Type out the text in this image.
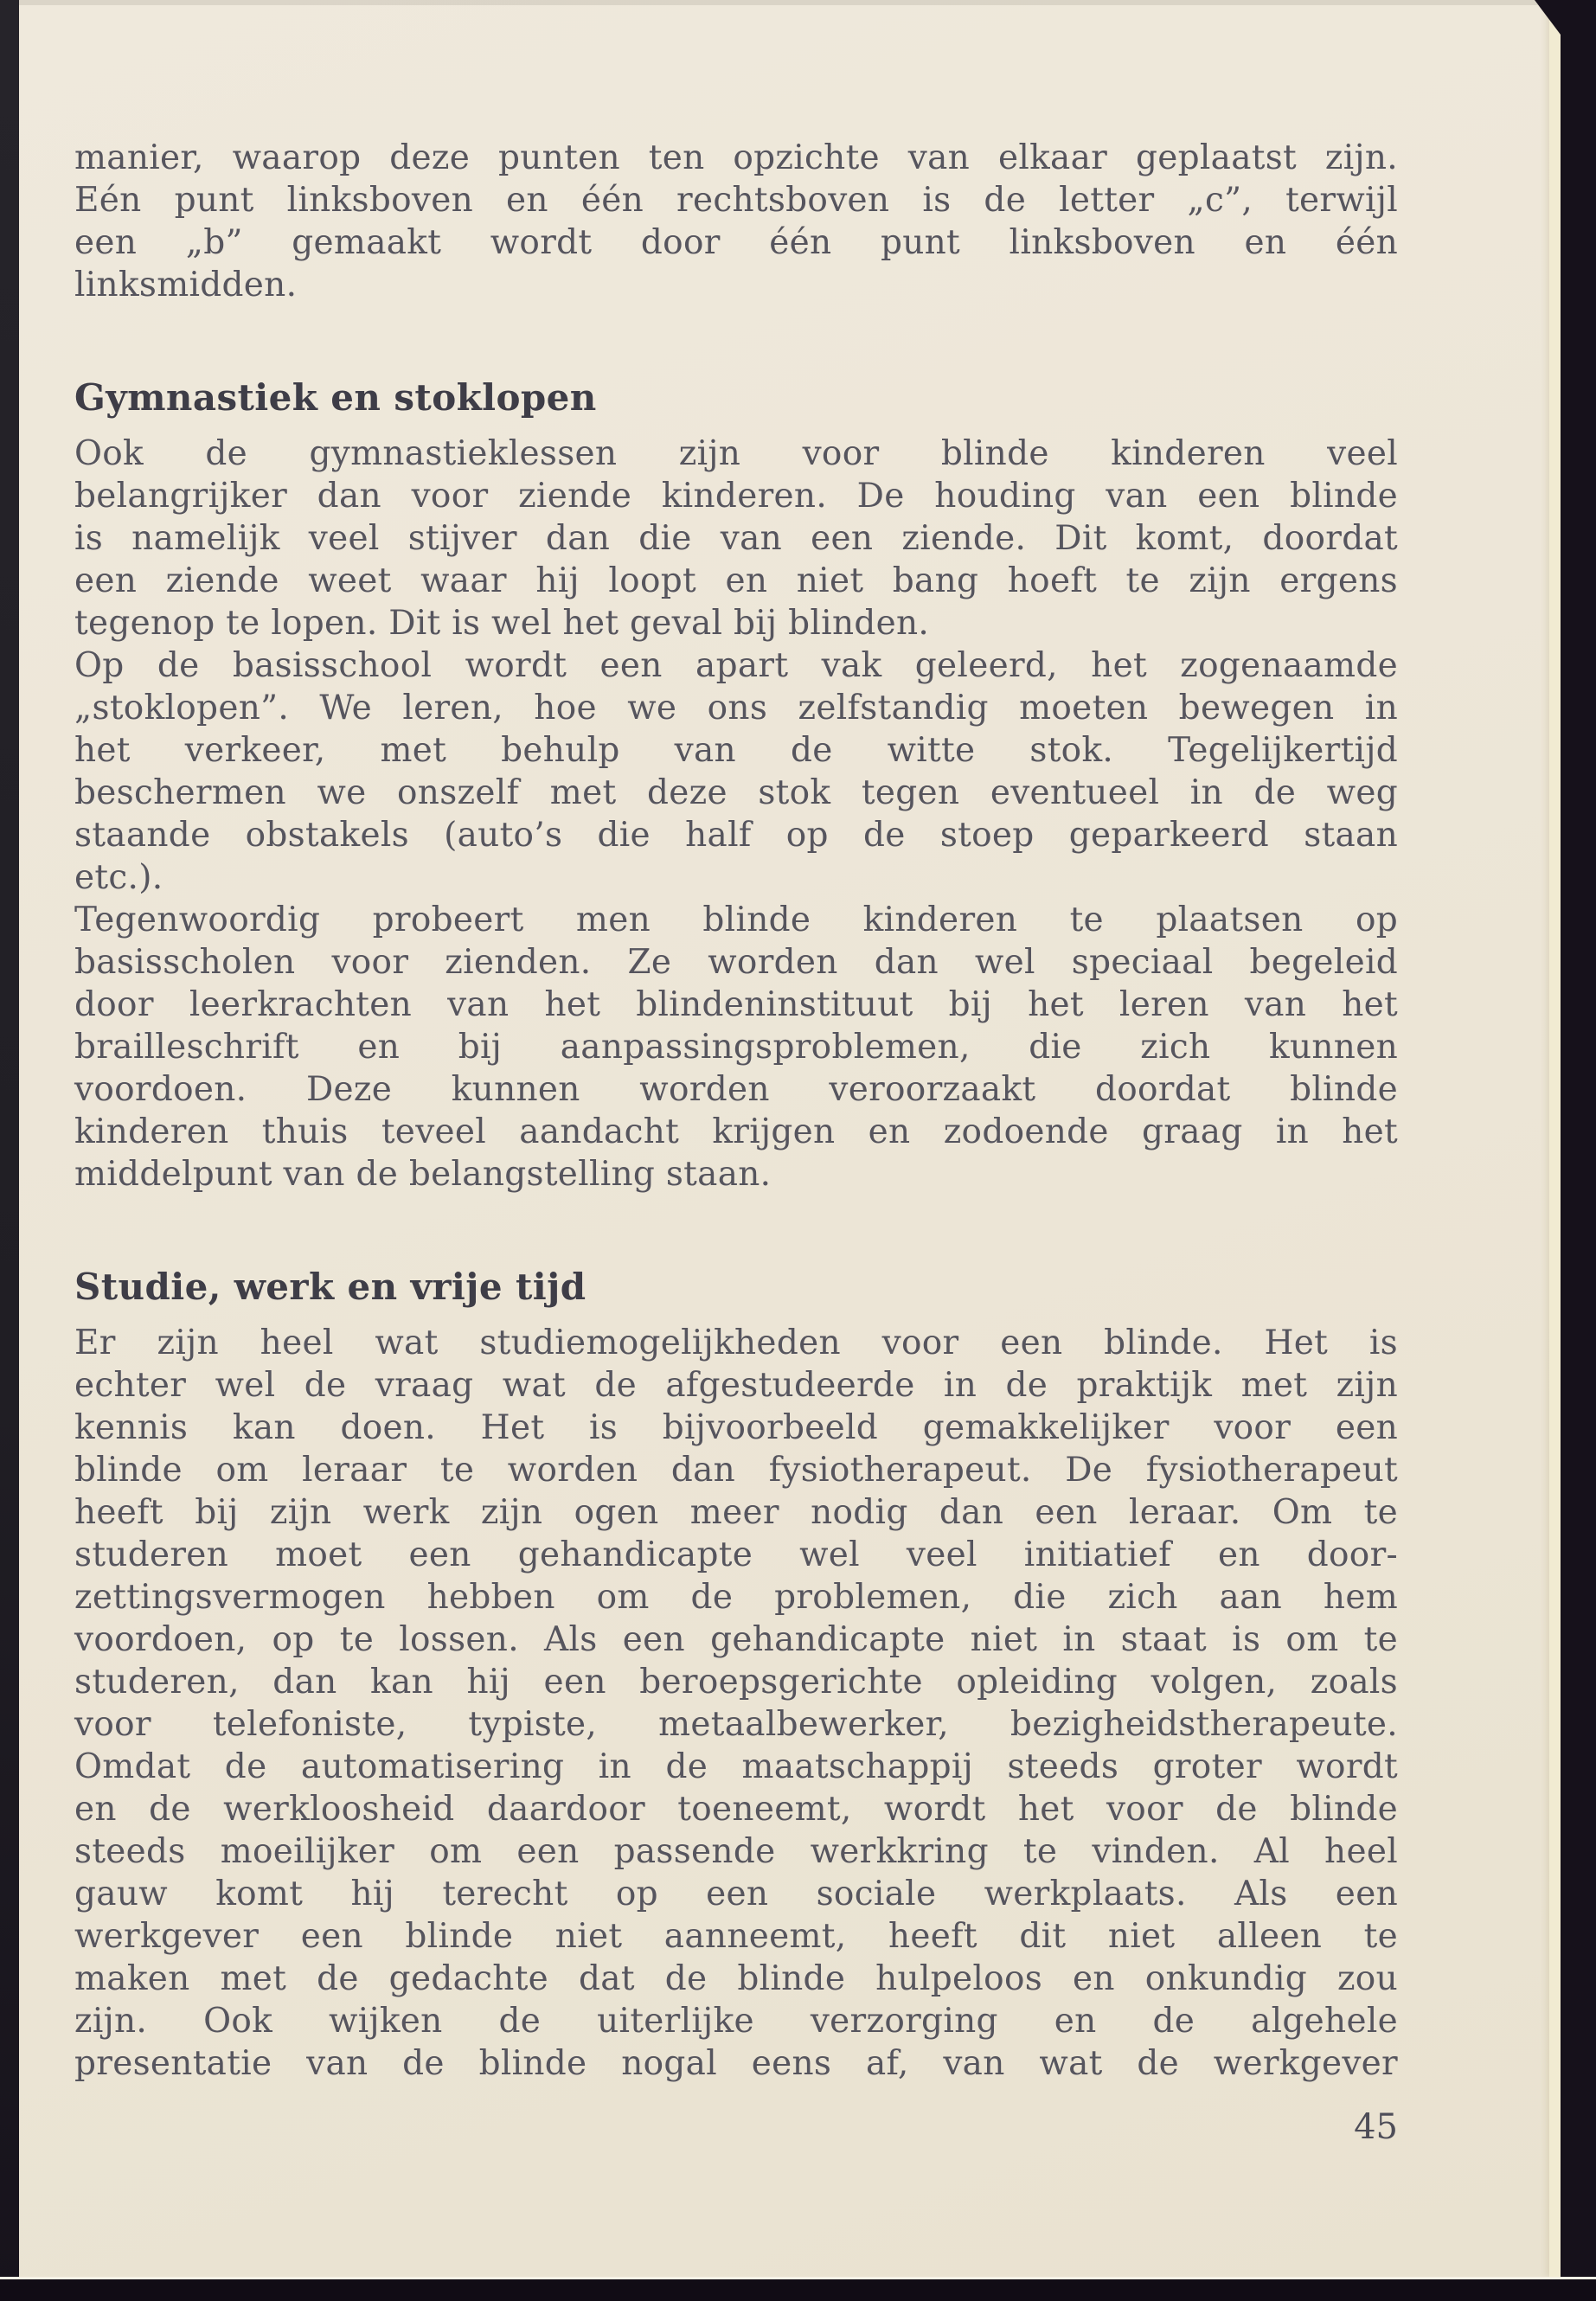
manier, waarop deze punten ten opzichte van elkaar geplaatst zijn.
Eén punt linksboven en één rechtsboven is de letter „c”, terwijl
een „b” gemaakt wordt door één punt linksboven en één
linksmidden.
Gymnastiek en stoklopen
Ook de gymnastieklessen zijn voor blinde kinderen veel
belangrijker dan voor ziende kinderen. De houding van een blinde
is namelijk veel stijver dan die van een ziende. Dit komt, doordat
een ziende weet waar hij loopt en niet bang hoeft te zijn ergens
tegenop te lopen. Dit is wel het geval bij blinden.
Op de basisschool wordt een apart vak geleerd, het zogenaamde
„stoklopen”. We leren, hoe we ons zelfstandig moeten bewegen in
het verkeer, met behulp van de witte stok. Tegelijkertijd
beschermen we onszelf met deze stok tegen eventueel in de weg
staande obstakels (auto’s die half op de stoep geparkeerd staan
etc.).
Tegenwoordig probeert men blinde kinderen te plaatsen op
basisscholen voor zienden. Ze worden dan wel speciaal begeleid
door leerkrachten van het blindeninstituut bij het leren van het
brailleschrift en bij aanpassingsproblemen, die zich kunnen
voordoen. Deze kunnen worden veroorzaakt doordat blinde
kinderen thuis teveel aandacht krijgen en zodoende graag in het
middelpunt van de belangstelling staan.
Studie, werk en vrije tijd
Er zijn heel wat studiemogelijkheden voor een blinde. Het is
echter wel de vraag wat de afgestudeerde in de praktijk met zijn
kennis kan doen. Het is bijvoorbeeld gemakkelijker voor een
blinde om leraar te worden dan fysiotherapeut. De fysiotherapeut
heeft bij zijn werk zijn ogen meer nodig dan een leraar. Om te
studeren moet een gehandicapte wel veel initiatief en door-
zettingsvermogen hebben om de problemen, die zich aan hem
voordoen, op te lossen. Als een gehandicapte niet in staat is om te
studeren, dan kan hij een beroepsgerichte opleiding volgen, zoals
voor telefoniste, typiste, metaalbewerker, bezigheidstherapeute.
Omdat de automatisering in de maatschappij steeds groter wordt
en de werkloosheid daardoor toeneemt, wordt het voor de blinde
steeds moeilijker om een passende werkkring te vinden. Al heel
gauw komt hij terecht op een sociale werkplaats. Als een
werkgever een blinde niet aanneemt, heeft dit niet alleen te
maken met de gedachte dat de blinde hulpeloos en onkundig zou
zijn. Ook wijken de uiterlijke verzorging en de algehele
presentatie van de blinde nogal eens af, van wat de werkgever
45
